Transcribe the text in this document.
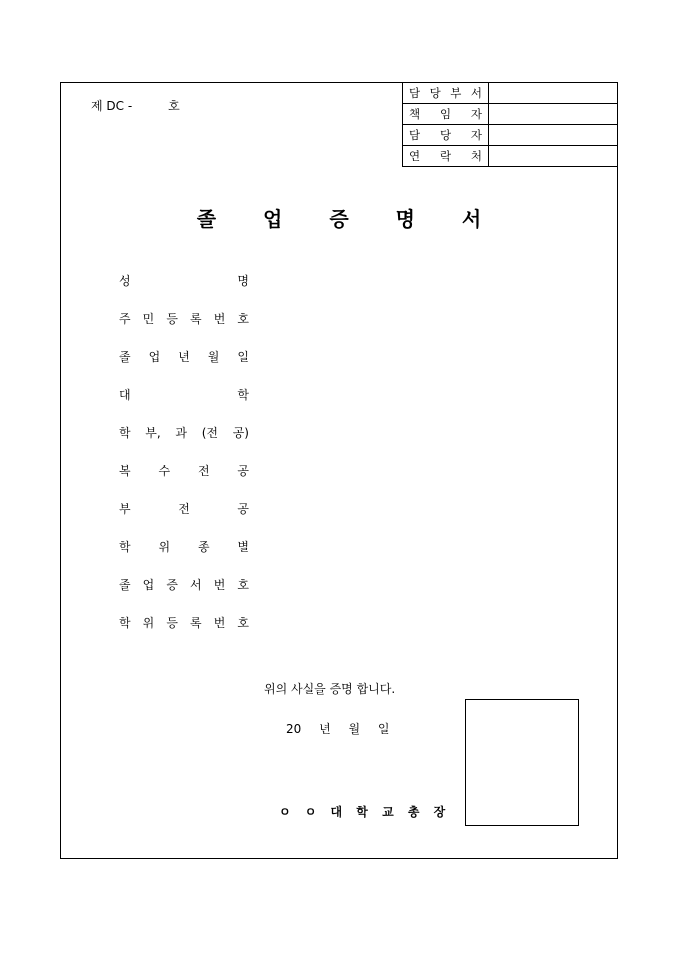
제 DC -	호
담 당 부 서	

책 임 자	

담 당 자	

연 락 처	

졸 업 증 명 서
성	명
주 민 등 록 번 호
졸 업 년 월 일
대	학
학 부, 과 (전 공)
복 수 전 공
부	전	공
학 위 종 별
졸 업 증 서 번 호
학 위 등 록 번 호
위의 사실을 증명 합니다.
20 년 월 일
ㅇ ㅇ 대 학 교 총 장
